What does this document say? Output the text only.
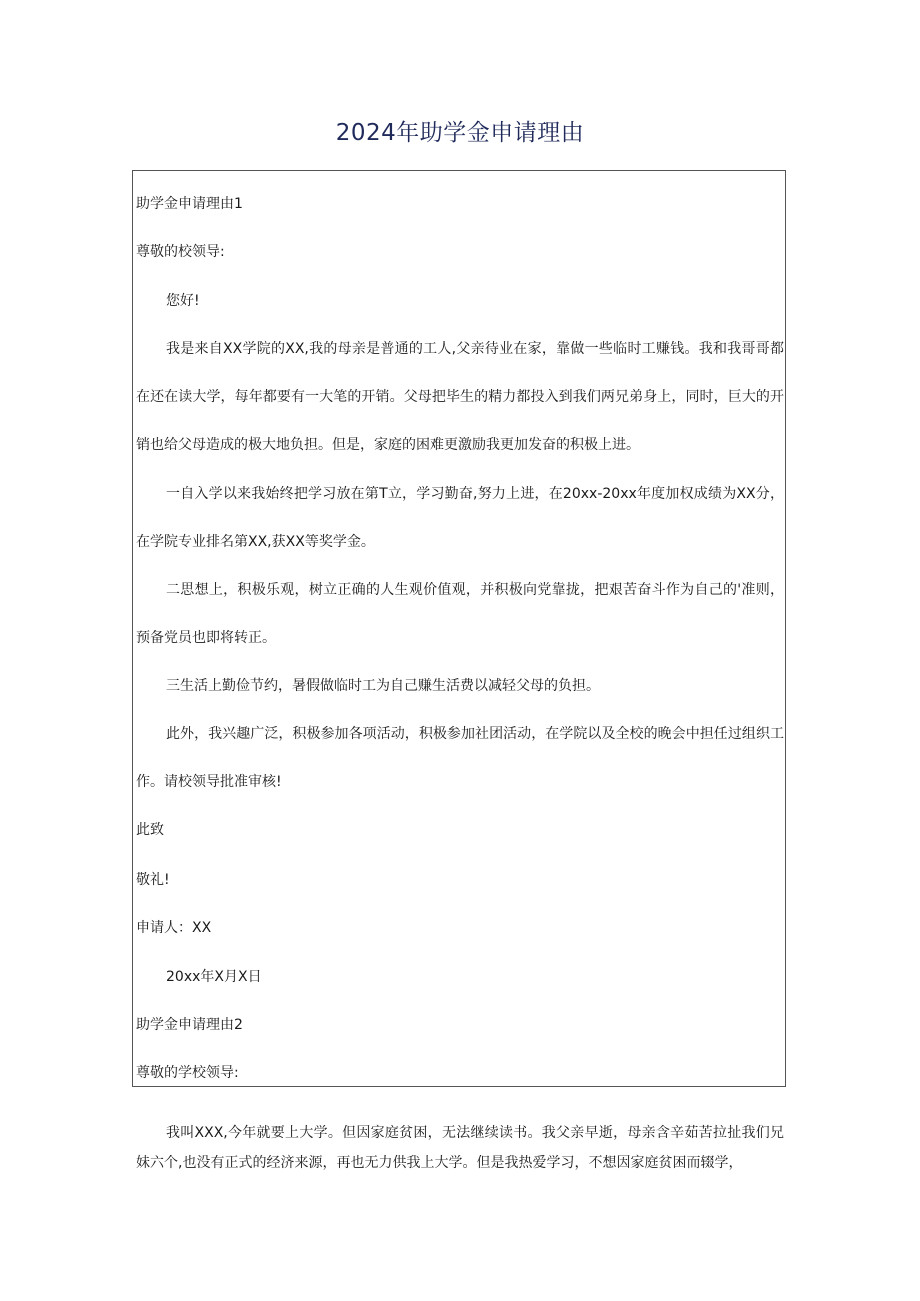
2024年助学金申请理由
助学金申请理由1
尊敬的校领导:
您好!

我是来自XX学院的XX,我的母亲是普通的工人,父亲待业在家，靠做一些临时工赚钱。我和我哥哥都在还在读大学，每年都要有一大笔的开销。父母把毕生的精力都投入到我们两兄弟身上，同时，巨大的开销也给父母造成的极大地负担。但是，家庭的困难更激励我更加发奋的积极上进。

一自入学以来我始终把学习放在第T立，学习勤奋,努力上进，在20xx-20xx年度加权成绩为XX分，在学院专业排名第XX,获XX等奖学金。

二思想上，积极乐观，树立正确的人生观价值观，并积极向党靠拢，把艰苦奋斗作为自己的'准则，预备党员也即将转正。

三生活上勤俭节约，暑假做临时工为自己赚生活费以减轻父母的负担。

此外，我兴趣广泛，积极参加各项活动，积极参加社团活动，在学院以及全校的晚会中担任过组织工作。请校领导批准审核!

此致
敬礼!
申请人：XX
20xx年X月X日
助学金申请理由2
尊敬的学校领导:

我叫XXX,今年就要上大学。但因家庭贫困，无法继续读书。我父亲早逝，母亲含辛茹苦拉扯我们兄妹六个,也没有正式的经济来源，再也无力供我上大学。但是我热爱学习，不想因家庭贫困而辍学，
